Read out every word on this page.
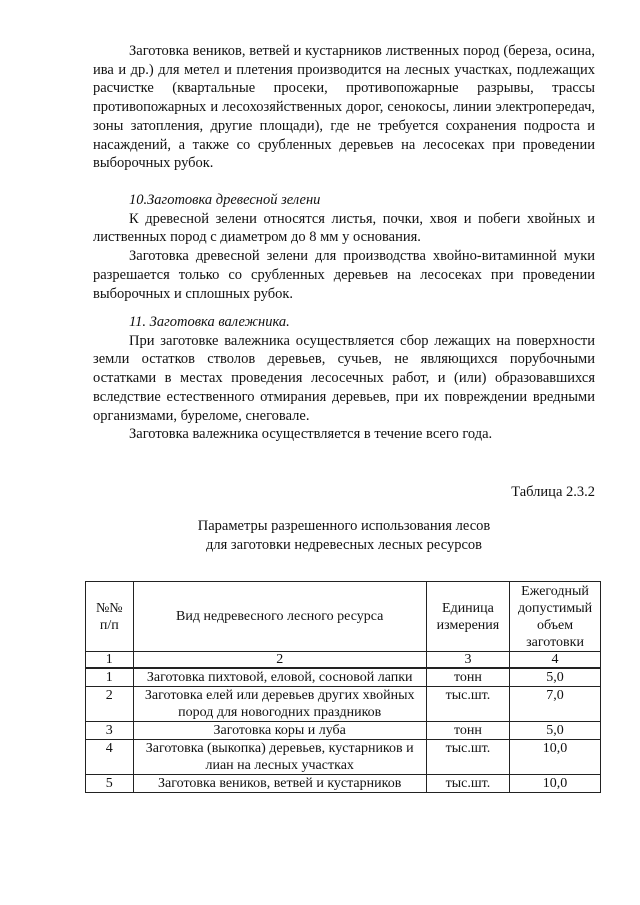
Заготовка веников, ветвей и кустарников лиственных пород (береза, осина, ива и др.) для метел и плетения производится на лесных участках, подлежащих расчистке (квартальные просеки, противопожарные разрывы, трассы противопожарных и лесохозяйственных дорог, сенокосы, линии электропередач, зоны затопления, другие площади), где не требуется сохранения подроста и насаждений, а также со срубленных деревьев на лесосеках при проведении выборочных рубок.

10.Заготовка древесной зелени

К древесной зелени относятся листья, почки, хвоя и побеги хвойных и лиственных пород с диаметром до 8 мм у основания.

Заготовка древесной зелени для производства хвойно-витаминной муки разрешается только со срубленных деревьев на лесосеках при проведении выборочных и сплошных рубок.

11. Заготовка валежника.

При заготовке валежника осуществляется сбор лежащих на поверхности земли остатков стволов деревьев, сучьев, не являющихся порубочными остатками в местах проведения лесосечных работ, и (или) образовавшихся вследствие естественного отмирания деревьев, при их повреждении вредными организмами, буреломе, снеговале.

Заготовка валежника осуществляется в течение всего года.

Таблица 2.3.2
Параметры разрешенного использования лесов
для заготовки недревесных лесных ресурсов
№№ п/п	Вид недревесного лесного ресурса	Единица измерения	Ежегодный допустимый объем заготовки
1	2	3	4
1	Заготовка пихтовой, еловой, сосновой лапки	тонн	5,0
2	Заготовка елей или деревьев других хвойных пород для новогодних праздников	тыс.шт.	7,0
3	Заготовка коры и луба	тонн	5,0
4	Заготовка (выкопка) деревьев, кустарников и лиан на лесных участках	тыс.шт.	10,0
5	Заготовка веников, ветвей и кустарников	тыс.шт.	10,0
